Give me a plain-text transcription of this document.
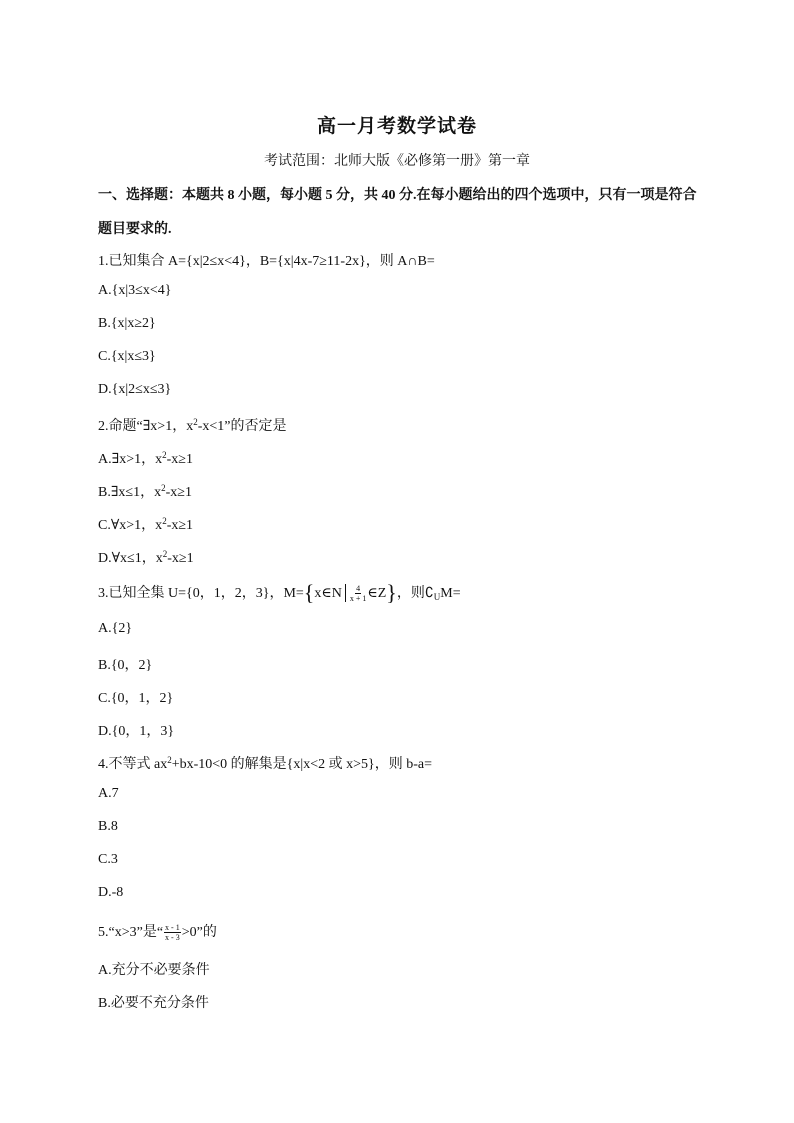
高一月考数学试卷
考试范围：北师大版《必修第一册》第一章
一、选择题：本题共 8 小题，每小题 5 分，共 40 分.在每小题给出的四个选项中，只有一项是符合
题目要求的.
1.已知集合 A={x|2≤x<4}，B={x|4x-7≥11-2x}，则 A∩B=
A.{x|3≤x<4}
B.{x|x≥2}
C.{x|x≤3}
D.{x|2≤x≤3}
2.命题“∃x>1，$x^2-x<1$”的否定是
A.∃x>1，$x^2-x\ge 1$
B.∃x≤1，$x^2-x\ge 1$
C.∀x>1，$x^2-x\ge 1$
D.∀x≤1，$x^2-x\ge 1$
3.已知全集 U={0，1，2，3}，M={x∈N $\frac{4}{x + 1}$ ∈Z}，则$∁_UM=$
A.{2}
B.{0，2}
C.{0，1，2}
D.{0，1，3}
4.不等式 $ax^2+bx-10<0$ 的解集是{x|x<2 或 x>5}，则 b-a=
A.7
B.8
C.3
D.-8
5.“x>3”是“ $\frac{x - 1}{x - 3} >0$”的
A.充分不必要条件
B.必要不充分条件
